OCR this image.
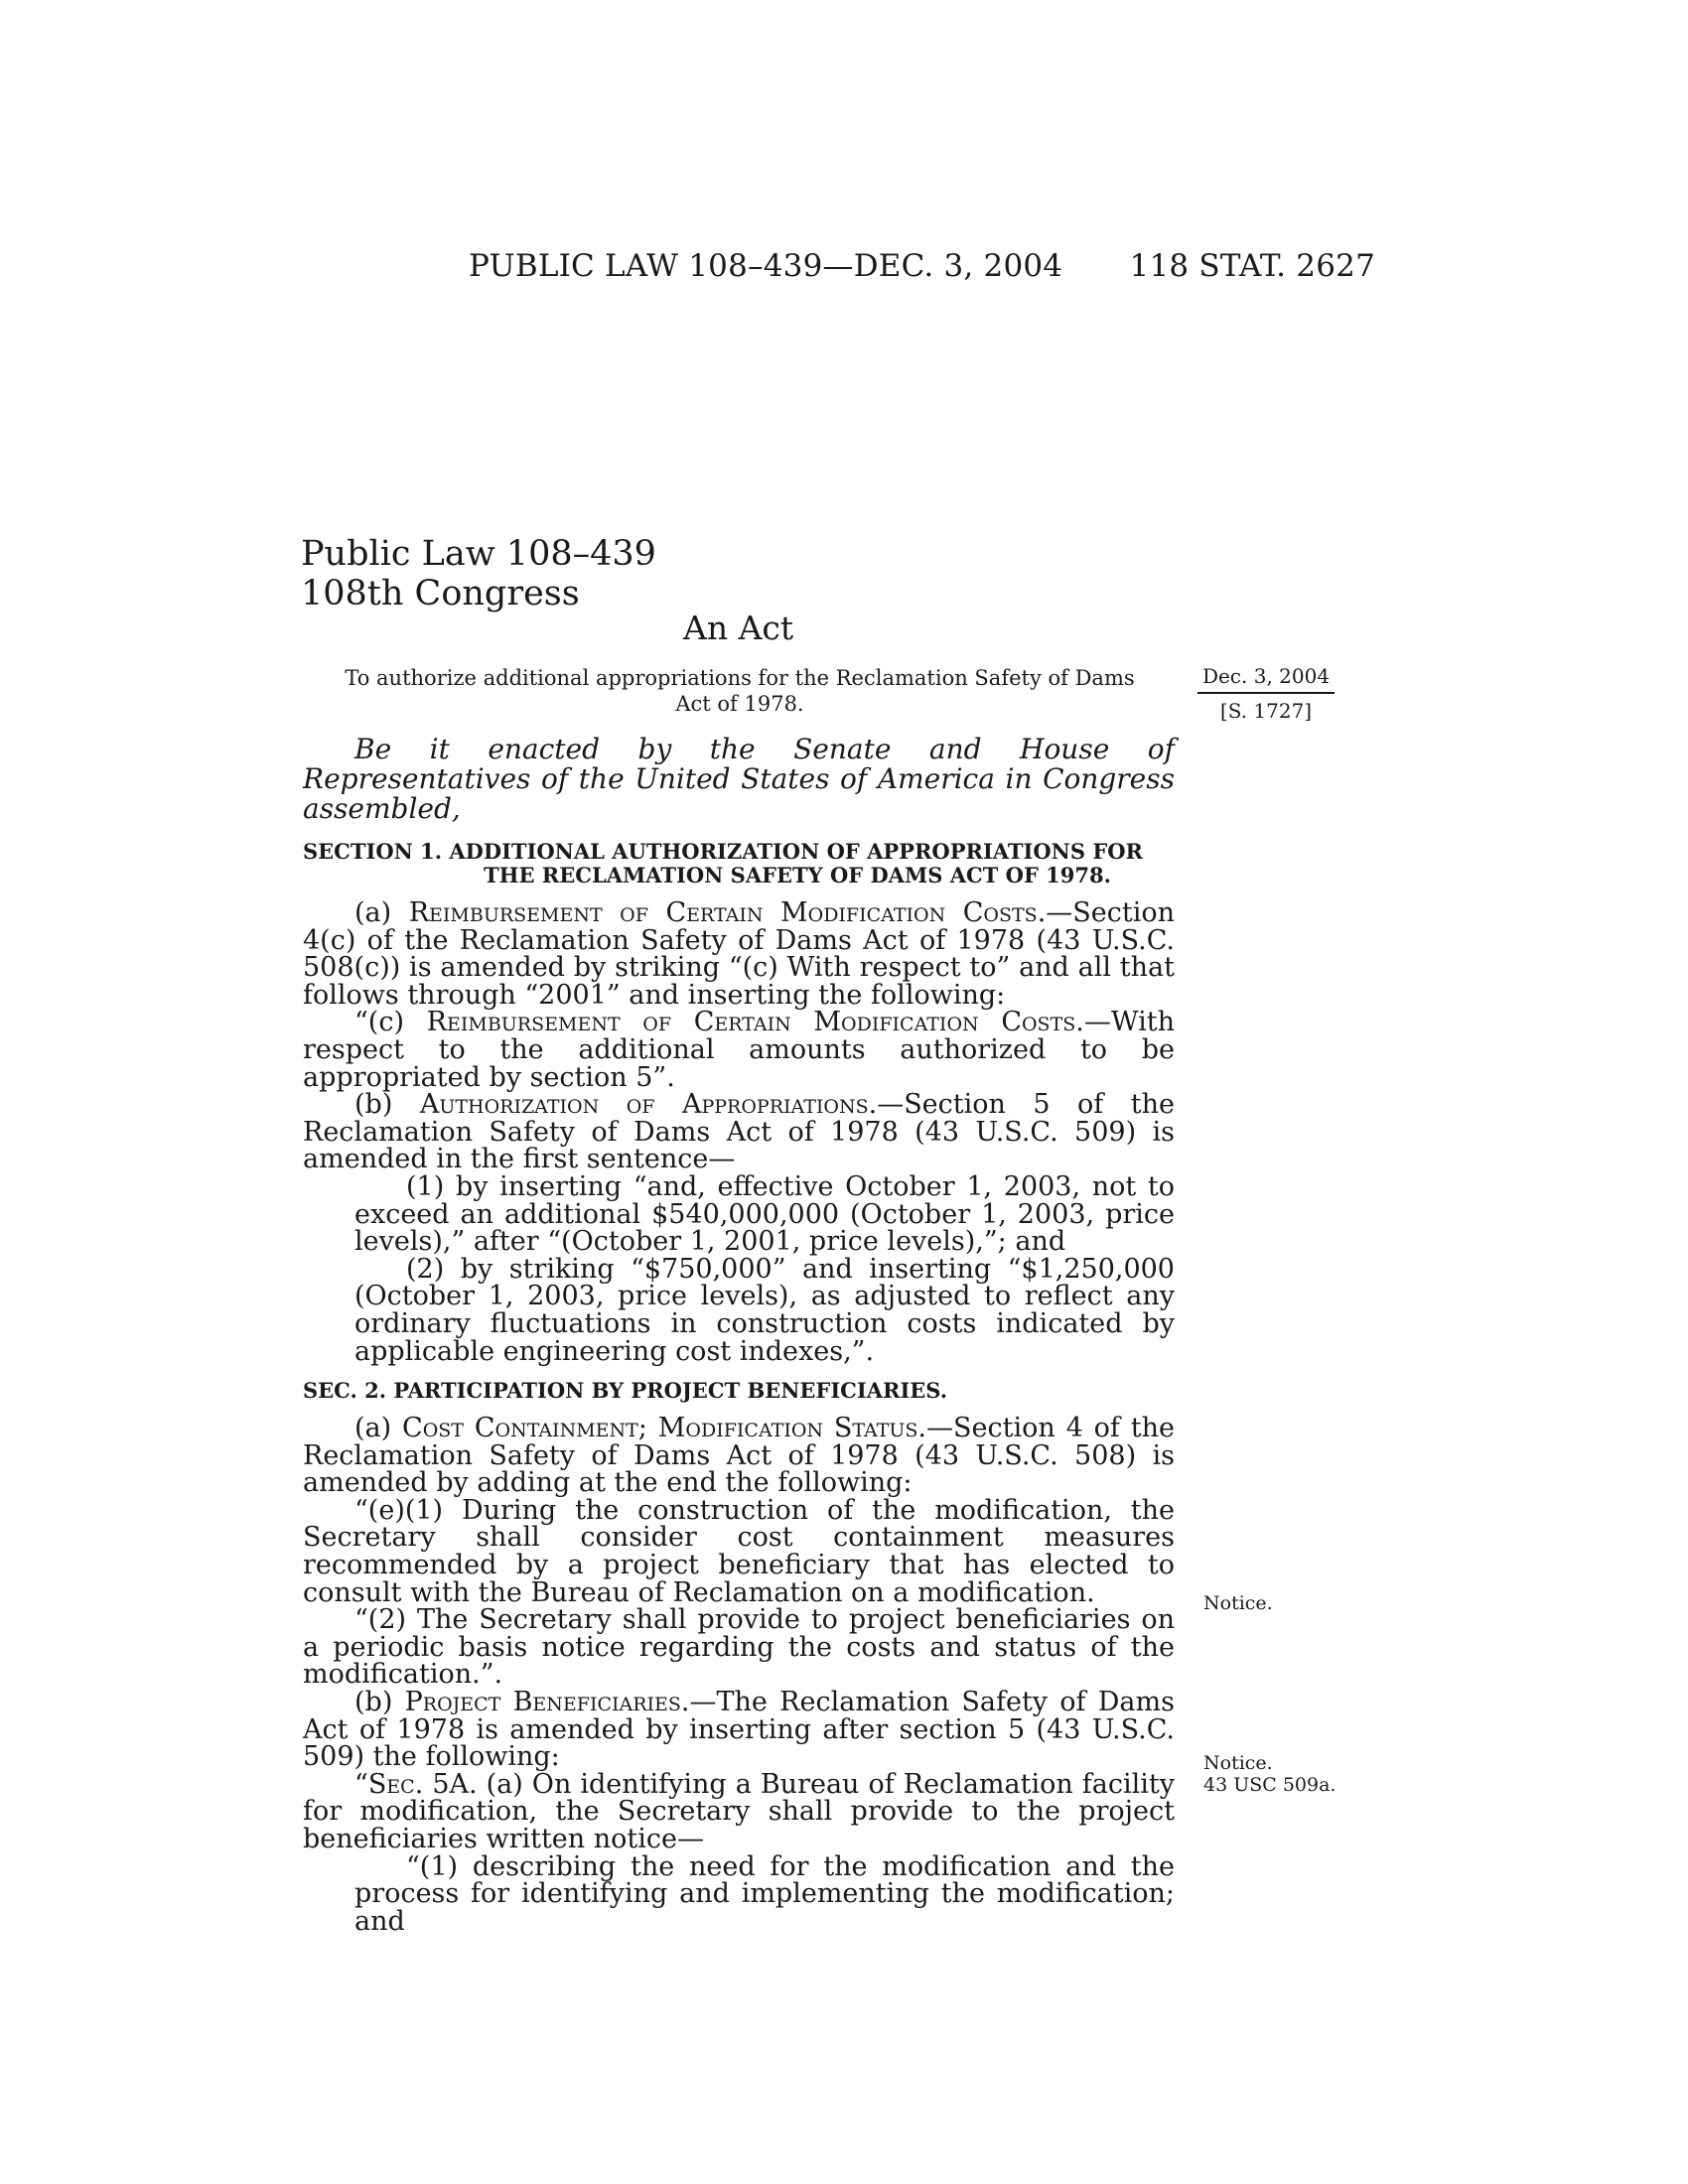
PUBLIC LAW 108–439—DEC. 3, 2004 118 STAT. 2627
Public Law 108–439
108th Congress
An Act
To authorize additional appropriations for the Reclamation Safety of Dams Act of 1978.
Dec. 3, 2004
[S. 1727]

Be it enacted by the Senate and House of Representatives of the United States of America in Congress assembled,

SECTION 1. ADDITIONAL AUTHORIZATION OF APPROPRIATIONS FOR
THE RECLAMATION SAFETY OF DAMS ACT OF 1978.

(a) Reimbursement of Certain Modification Costs.—Section 4(c) of the Reclamation Safety of Dams Act of 1978 (43 U.S.C. 508(c)) is amended by striking “(c) With respect to” and all that follows through “2001” and inserting the following:

“(c) Reimbursement of Certain Modification Costs.—With respect to the additional amounts authorized to be appropriated by section 5”.

(b) Authorization of Appropriations.—Section 5 of the Reclamation Safety of Dams Act of 1978 (43 U.S.C. 509) is amended in the first sentence—

(1) by inserting “and, effective October 1, 2003, not to exceed an additional $540,000,000 (October 1, 2003, price levels),” after “(October 1, 2001, price levels),”; and

(2) by striking “$750,000” and inserting “$1,250,000 (October 1, 2003, price levels), as adjusted to reflect any ordinary fluctuations in construction costs indicated by applicable engineering cost indexes,”.

SEC. 2. PARTICIPATION BY PROJECT BENEFICIARIES.

(a) Cost Containment; Modification Status.—Section 4 of the Reclamation Safety of Dams Act of 1978 (43 U.S.C. 508) is amended by adding at the end the following:

“(e)(1) During the construction of the modification, the Secretary shall consider cost containment measures recommended by a project beneficiary that has elected to consult with the Bureau of Reclamation on a modification.

“(2) The Secretary shall provide to project beneficiaries on a periodic basis notice regarding the costs and status of the modification.”.

(b) Project Beneficiaries.—The Reclamation Safety of Dams Act of 1978 is amended by inserting after section 5 (43 U.S.C. 509) the following:

“Sec. 5A. (a) On identifying a Bureau of Reclamation facility for modification, the Secretary shall provide to the project beneficiaries written notice—

“(1) describing the need for the modification and the process for identifying and implementing the modification; and

Notice.
Notice.
43 USC 509a.
